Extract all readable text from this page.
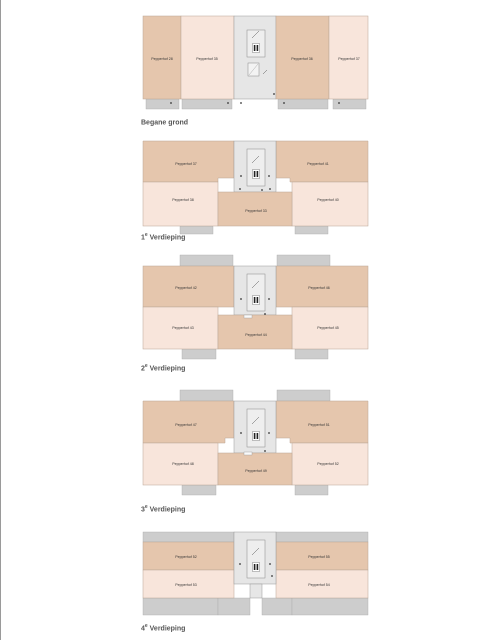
Pepperhof 28	Pepperhof 35	Pepperhof 36	Pepperhof 37
Pepperhof 37	Pepperhof 41
Pepperhof 38	Pepperhof 40
Pepperhof 33
Pepperhof 42	Pepperhof 46
Pepperhof 43	Pepperhof 45
Pepperhof 44
Pepperhof 47	Pepperhof 51
Pepperhof 48	Pepperhof 52
Pepperhof 49
Pepperhof 52	Pepperhof 55
Pepperhof 53	Pepperhof 54
Begane grond
1e Verdieping
2e Verdieping
3e Verdieping
4e Verdieping
